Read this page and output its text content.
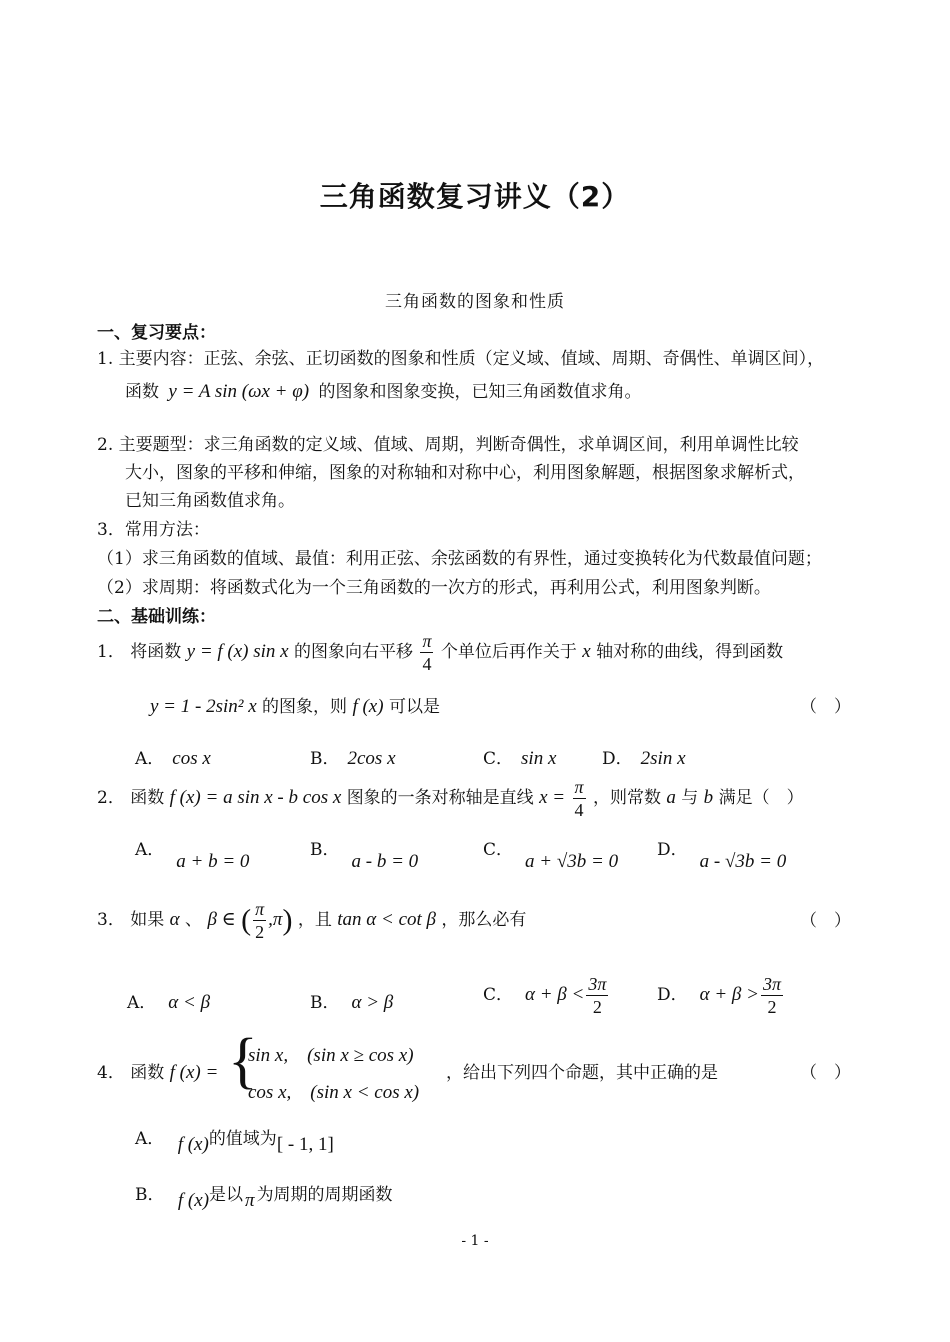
三角函数复习讲义（2）
三角函数的图象和性质
一、复习要点：
1. 主要内容：正弦、余弦、正切函数的图象和性质（定义域、值域、周期、奇偶性、单调区间），
函数 y = A sin (ωx + φ) 的图象和图象变换，已知三角函数值求角。
2. 主要题型：求三角函数的定义域、值域、周期，判断奇偶性，求单调区间，利用单调性比较
大小，图象的平移和伸缩，图象的对称轴和对称中心，利用图象解题，根据图象求解析式，
已知三角函数值求角。
3．常用方法：
（1）求三角函数的值域、最值：利用正弦、余弦函数的有界性，通过变换转化为代数最值问题；
（2）求周期：将函数式化为一个三角函数的一次方的形式，再利用公式，利用图象判断。
二、基础训练：
1． 将函数 y = f (x) sin x 的图象向右平移 $\frac{\pi}{4}$ 个单位后再作关于 x 轴对称的曲线，得到函数
y = 1 - 2sin² x 的图象，则 f (x) 可以是	（　）
A． cos x	B． 2cos x	C． sin x	D． 2sin x
2． 函数 f (x) = a sin x - b cos x 图象的一条对称轴是直线 $x = \frac{\pi}{4}$ ，则常数 a 与 b 满足（　）
A．a + b = 0
B．a - b = 0
C．a + √3b = 0
D．a - √3b = 0
3． 如果 α 、 β ∈ ( $\frac{\pi}{2} ,\pi$) ，且 tan α < cot β ，那么必有	（　）
A． α < β	B． α > β	C． $\alpha + \beta < \frac{3\pi}{2}$	D． $\alpha + \beta > \frac{3\pi}{2}$
4． 函数 f (x) = {
sin x,　(sin x ≥ cos x)
cos x,　(sin x < cos x)
，给出下列四个命题，其中正确的是	（　）
A． f (x)的值域为[ - 1, 1]
B． f (x)是以 π 为周期的周期函数
- 1 -
